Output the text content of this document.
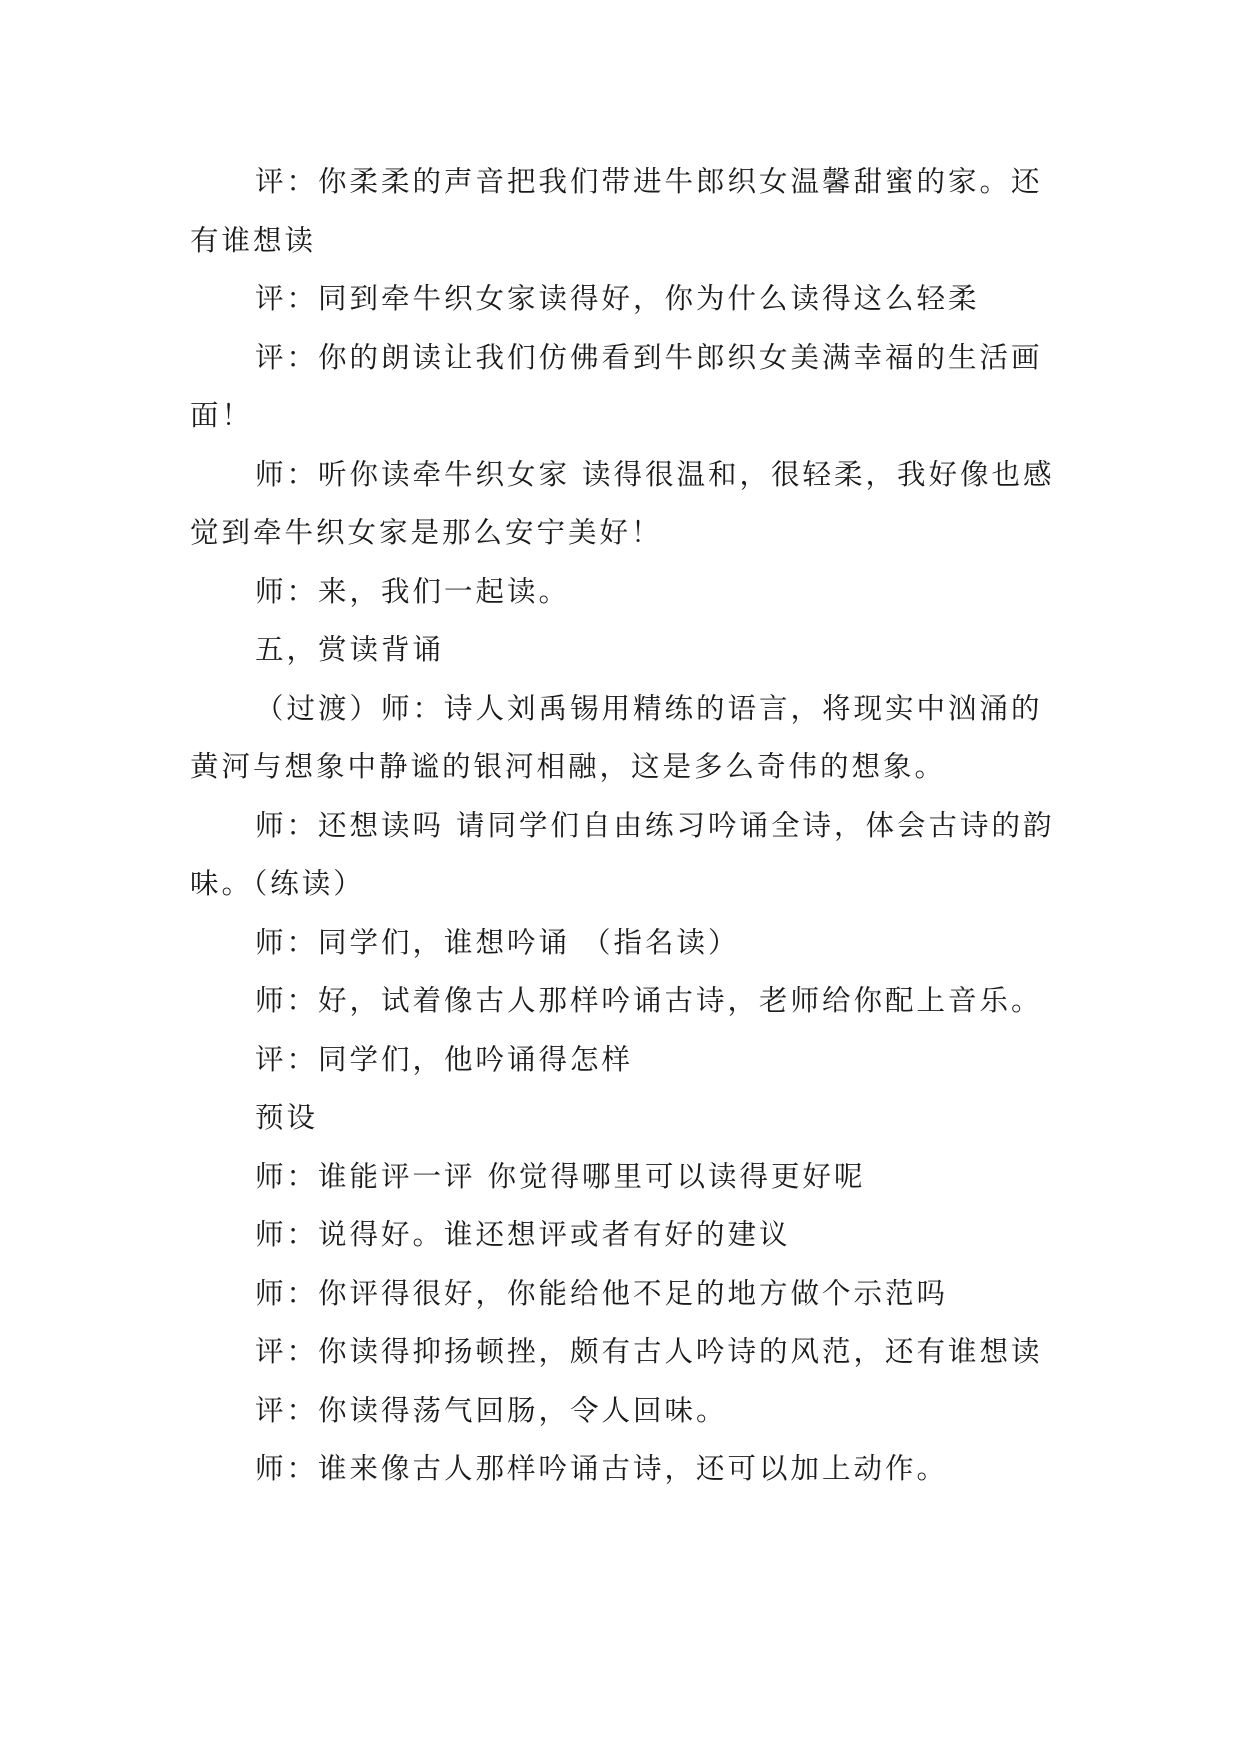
评：你柔柔的声音把我们带进牛郎织女温馨甜蜜的家。还有谁想读

评：同到牵牛织女家读得好，你为什么读得这么轻柔

评：你的朗读让我们仿佛看到牛郎织女美满幸福的生活画面！

师：听你读牵牛织女家 读得很温和，很轻柔，我好像也感觉到牵牛织女家是那么安宁美好！

师：来，我们一起读。

五，赏读背诵

（过渡）师：诗人刘禹锡用精练的语言，将现实中汹涌的黄河与想象中静谧的银河相融，这是多么奇伟的想象。

师：还想读吗 请同学们自由练习吟诵全诗，体会古诗的韵味。（练读）

师：同学们，谁想吟诵 （指名读）

师：好，试着像古人那样吟诵古诗，老师给你配上音乐。

评：同学们，他吟诵得怎样

预设

师：谁能评一评 你觉得哪里可以读得更好呢

师：说得好。谁还想评或者有好的建议

师：你评得很好，你能给他不足的地方做个示范吗

评：你读得抑扬顿挫，颇有古人吟诗的风范，还有谁想读

评：你读得荡气回肠，令人回味。

师：谁来像古人那样吟诵古诗，还可以加上动作。
